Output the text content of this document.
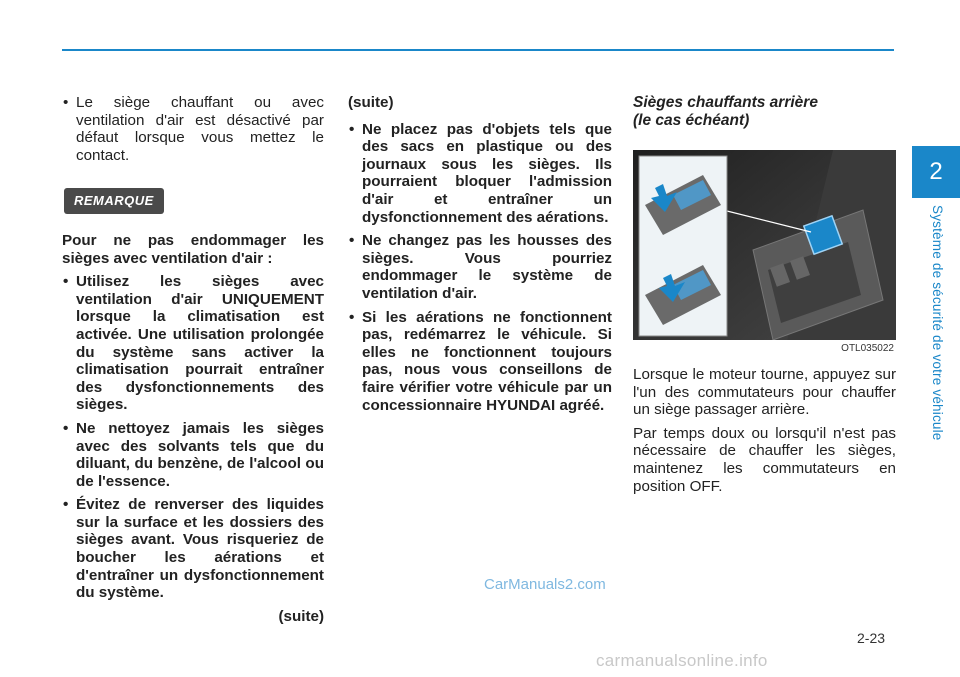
2
Système de sécurité de votre véhicule
• Le siège chauffant ou avec ventilation d'air est désactivé par défaut lorsque vous mettez le contact.
REMARQUE

Pour ne pas endommager les sièges avec ventilation d'air :

• Utilisez les sièges avec ventilation d'air UNIQUEMENT lorsque la climatisation est activée. Une utilisation prolongée du système sans activer la climatisation pourrait entraîner des dysfonctionnements des sièges.
• Ne nettoyez jamais les sièges avec des solvants tels que du diluant, du benzène, de l'alcool ou de l'essence.
• Évitez de renverser des liquides sur la surface et les dossiers des sièges avant. Vous risqueriez de boucher les aérations et d'entraîner un dysfonctionnement du système.
(suite)

(suite)

• Ne placez pas d'objets tels que des sacs en plastique ou des journaux sous les sièges. Ils pourraient bloquer l'admission d'air et entraîner un dysfonctionnement des aérations.
• Ne changez pas les housses des sièges. Vous pourriez endommager le système de ventilation d'air.
• Si les aérations ne fonctionnent pas, redémarrez le véhicule. Si elles ne fonctionnent toujours pas, nous vous conseillons de faire vérifier votre véhicule par un concessionnaire HYUNDAI agréé.
Sièges chauffants arrière
(le cas échéant)
OTL035022

Lorsque le moteur tourne, appuyez sur l'un des commutateurs pour chauffer un siège passager arrière.

Par temps doux ou lorsqu'il n'est pas nécessaire de chauffer les sièges, maintenez les commutateurs en position OFF.

CarManuals2.com
2-23
carmanualsonline.info
